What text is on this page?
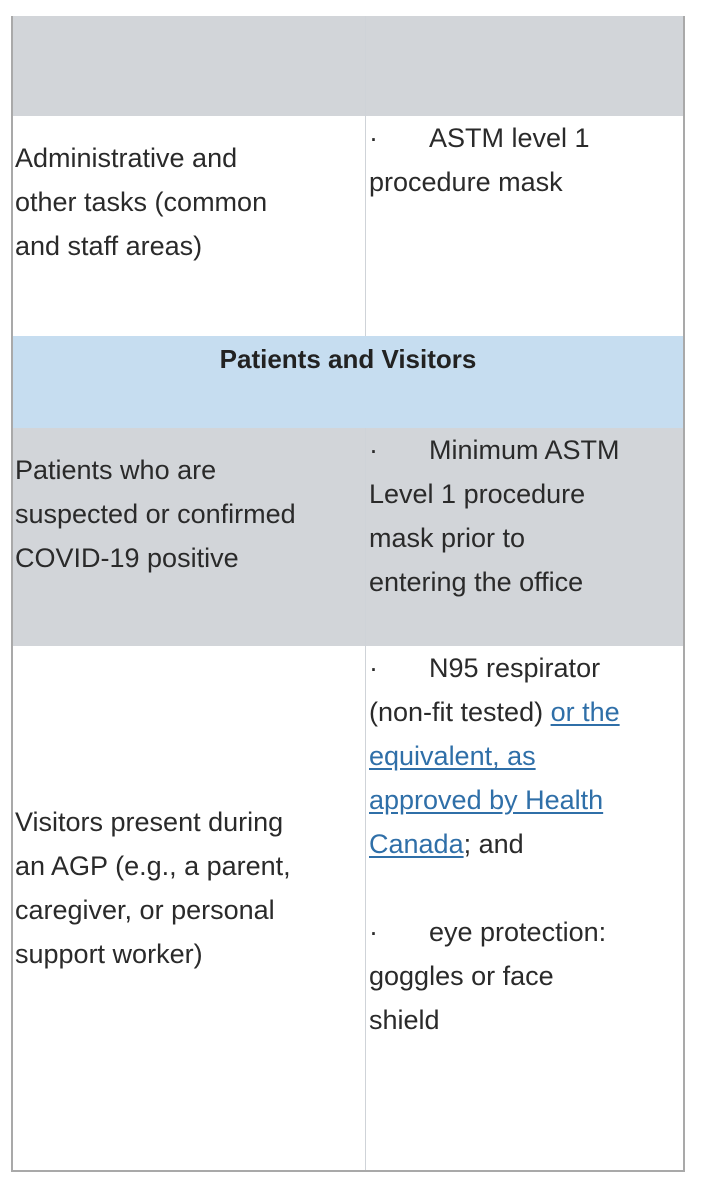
Administrative and
other tasks (common
and staff areas)
· ASTM level 1
procedure mask
Patients and Visitors
Patients who are
suspected or confirmed
COVID-19 positive
· Minimum ASTM
Level 1 procedure
mask prior to
entering the office
Visitors present during
an AGP (e.g., a parent,
caregiver, or personal
support worker)
· N95 respirator
(non-fit tested) or the
equivalent, as
approved by Health
Canada; and
· eye protection:
goggles or face
shield
